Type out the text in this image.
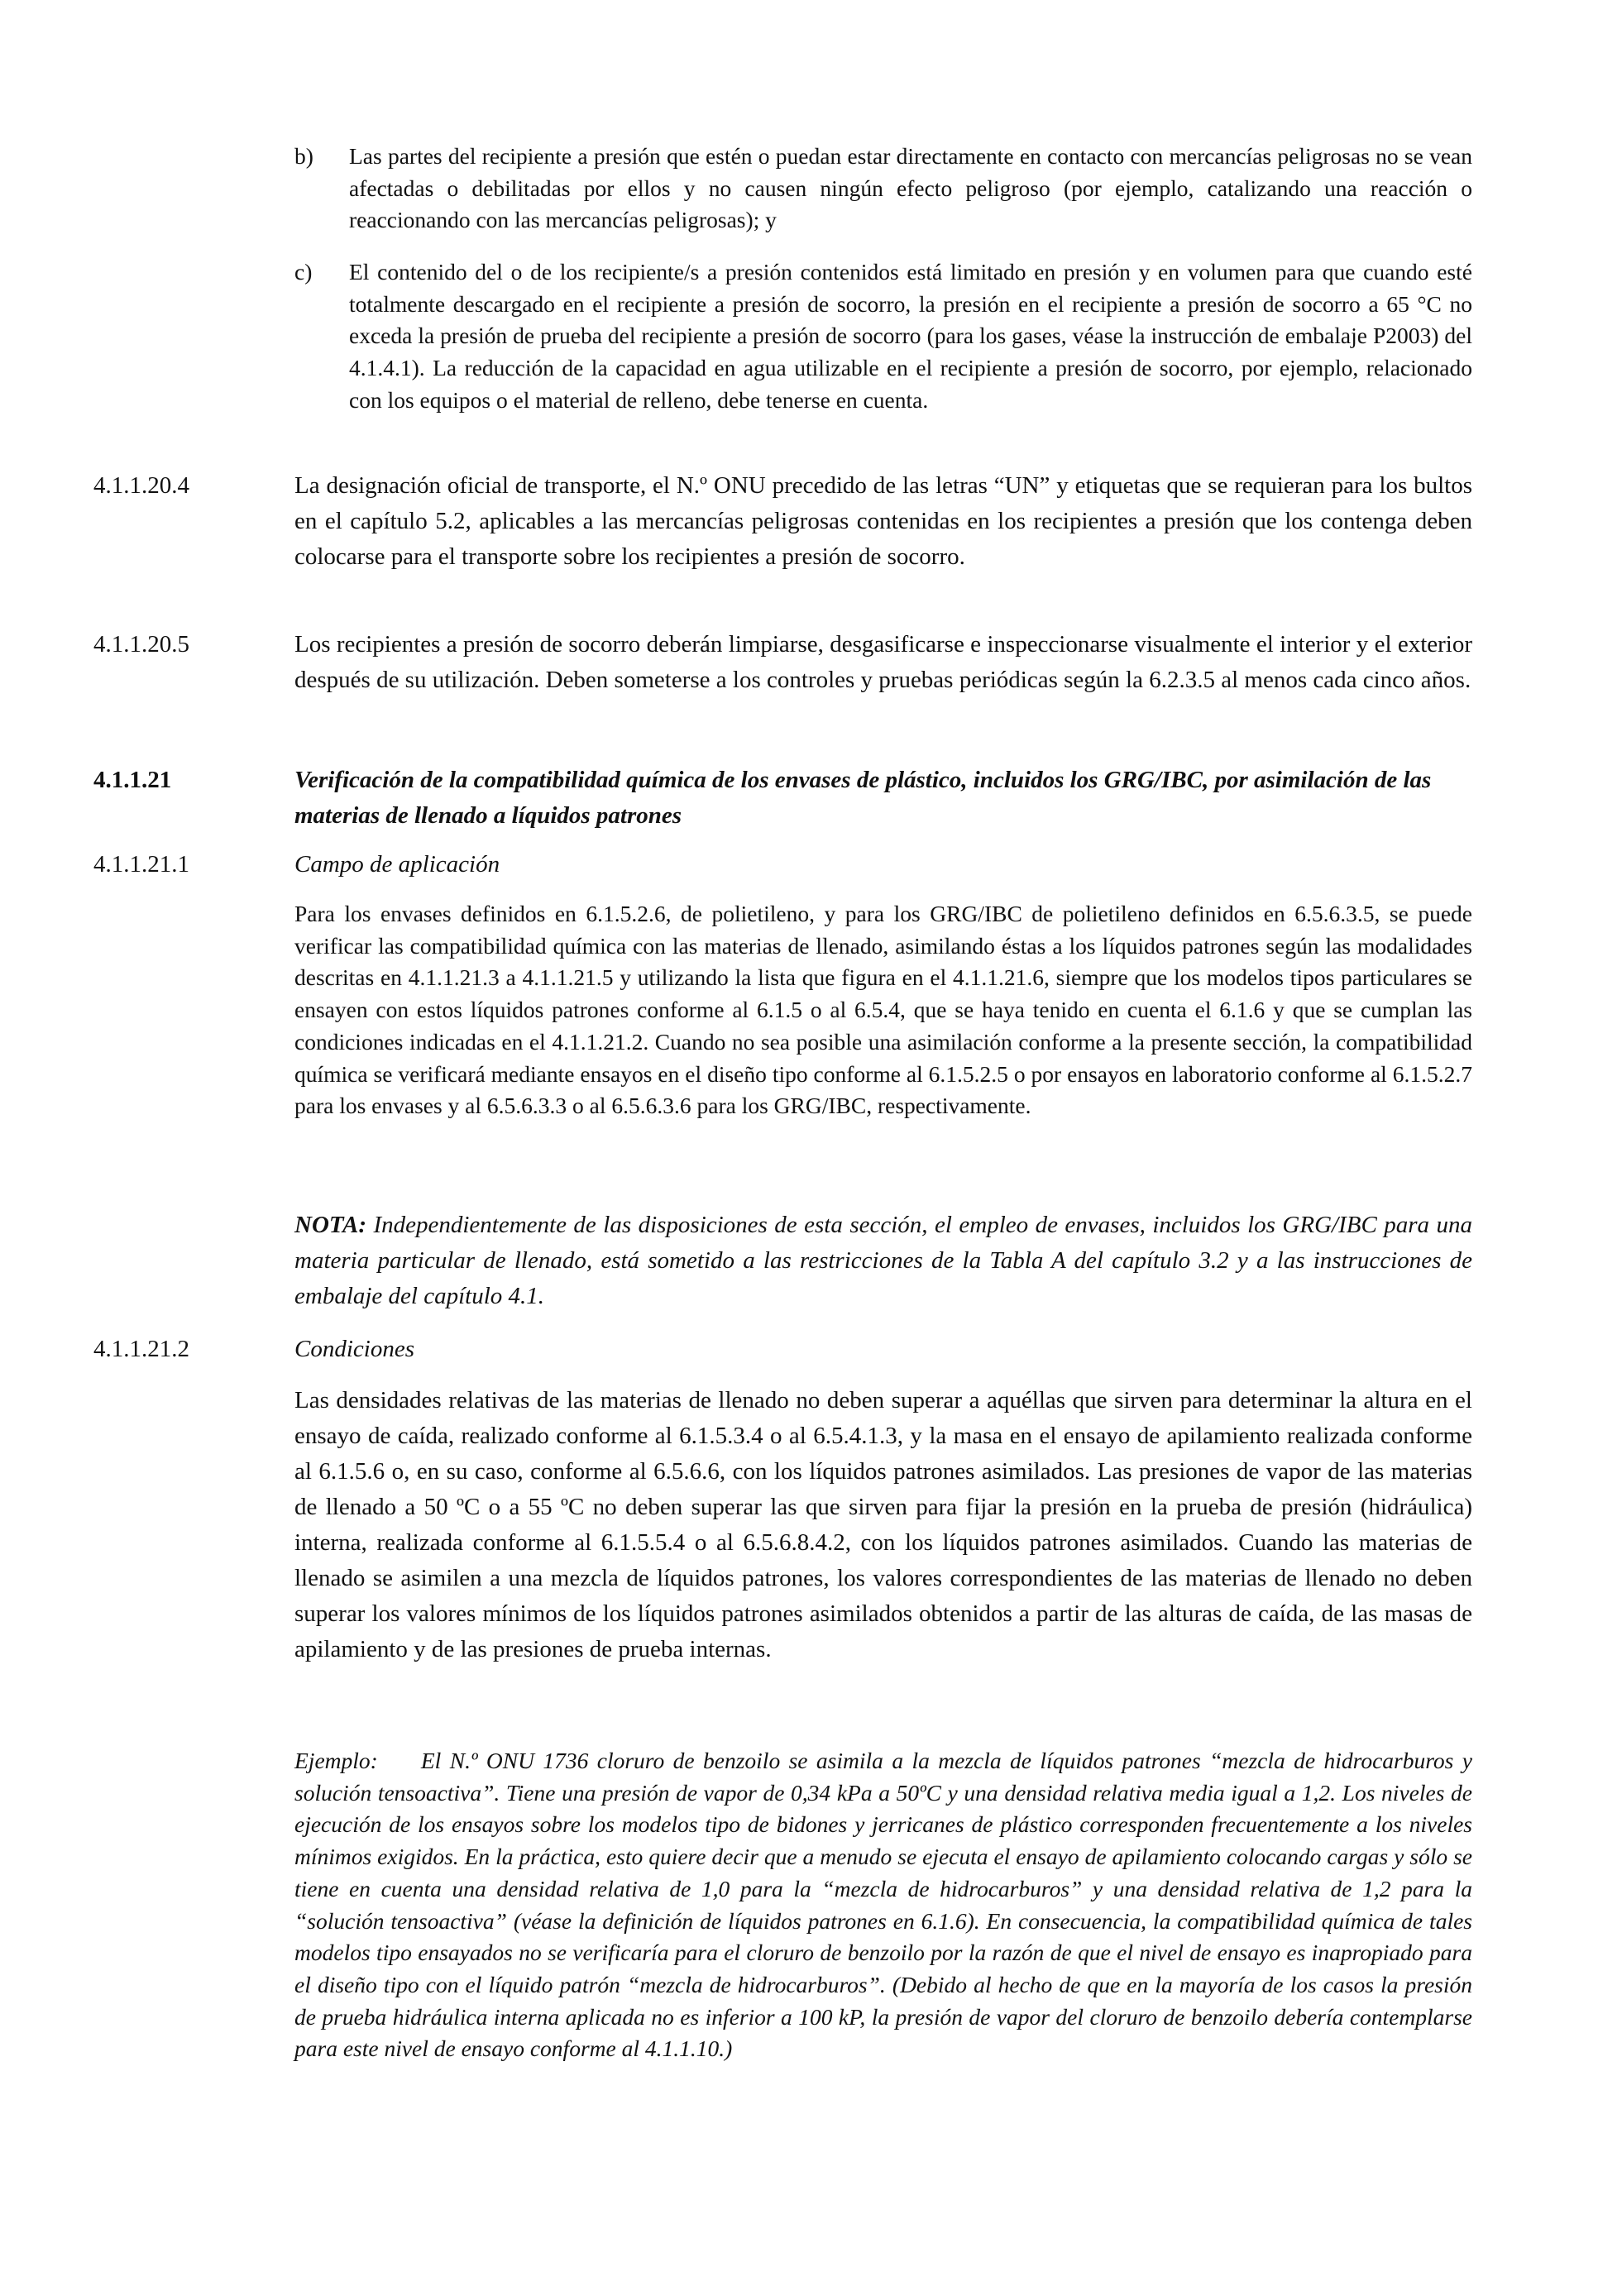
b) Las partes del recipiente a presión que estén o puedan estar directamente en contacto con mercancías peligrosas no se vean afectadas o debilitadas por ellos y no causen ningún efecto peligroso (por ejemplo, catalizando una reacción o reaccionando con las mercancías peligrosas); y

c) El contenido del o de los recipiente/s a presión contenidos está limitado en presión y en volumen para que cuando esté totalmente descargado en el recipiente a presión de socorro, la presión en el recipiente a presión de socorro a 65 °C no exceda la presión de prueba del recipiente a presión de socorro (para los gases, véase la instrucción de embalaje P2003) del 4.1.4.1). La reducción de la capacidad en agua utilizable en el recipiente a presión de socorro, por ejemplo, relacionado con los equipos o el material de relleno, debe tenerse en cuenta.

4.1.1.20.4	La designación oficial de transporte, el N.º ONU precedido de las letras “UN” y etiquetas que se requieran para los bultos en el capítulo 5.2, aplicables a las mercancías peligrosas contenidas en los recipientes a presión que los contenga deben colocarse para el transporte sobre los recipientes a presión de socorro.

4.1.1.20.5	Los recipientes a presión de socorro deberán limpiarse, desgasificarse e inspeccionarse visualmente el interior y el exterior después de su utilización. Deben someterse a los controles y pruebas periódicas según la 6.2.3.5 al menos cada cinco años.

4.1.1.21	Verificación de la compatibilidad química de los envases de plástico, incluidos los GRG/IBC, por asimilación de las materias de llenado a líquidos patrones

4.1.1.21.1	Campo de aplicación

Para los envases definidos en 6.1.5.2.6, de polietileno, y para los GRG/IBC de polietileno definidos en 6.5.6.3.5, se puede verificar las compatibilidad química con las materias de llenado, asimilando éstas a los líquidos patrones según las modalidades descritas en 4.1.1.21.3 a 4.1.1.21.5 y utilizando la lista que figura en el 4.1.1.21.6, siempre que los modelos tipos particulares se ensayen con estos líquidos patrones conforme al 6.1.5 o al 6.5.4, que se haya tenido en cuenta el 6.1.6 y que se cumplan las condiciones indicadas en el 4.1.1.21.2. Cuando no sea posible una asimilación conforme a la presente sección, la compatibilidad química se verificará mediante ensayos en el diseño tipo conforme al 6.1.5.2.5 o por ensayos en laboratorio conforme al 6.1.5.2.7 para los envases y al 6.5.6.3.3 o al 6.5.6.3.6 para los GRG/IBC, respectivamente.

NOTA: Independientemente de las disposiciones de esta sección, el empleo de envases, incluidos los GRG/IBC para una materia particular de llenado, está sometido a las restricciones de la Tabla A del capítulo 3.2 y a las instrucciones de embalaje del capítulo 4.1.

4.1.1.21.2	Condiciones

Las densidades relativas de las materias de llenado no deben superar a aquéllas que sirven para determinar la altura en el ensayo de caída, realizado conforme al 6.1.5.3.4 o al 6.5.4.1.3, y la masa en el ensayo de apilamiento realizada conforme al 6.1.5.6 o, en su caso, conforme al 6.5.6.6, con los líquidos patrones asimilados. Las presiones de vapor de las materias de llenado a 50 ºC o a 55 ºC no deben superar las que sirven para fijar la presión en la prueba de presión (hidráulica) interna, realizada conforme al 6.1.5.5.4 o al 6.5.6.8.4.2, con los líquidos patrones asimilados. Cuando las materias de llenado se asimilen a una mezcla de líquidos patrones, los valores correspondientes de las materias de llenado no deben superar los valores mínimos de los líquidos patrones asimilados obtenidos a partir de las alturas de caída, de las masas de apilamiento y de las presiones de prueba internas.

Ejemplo: El N.º ONU 1736 cloruro de benzoilo se asimila a la mezcla de líquidos patrones “mezcla de hidrocarburos y solución tensoactiva”. Tiene una presión de vapor de 0,34 kPa a 50ºC y una densidad relativa media igual a 1,2. Los niveles de ejecución de los ensayos sobre los modelos tipo de bidones y jerricanes de plástico corresponden frecuentemente a los niveles mínimos exigidos. En la práctica, esto quiere decir que a menudo se ejecuta el ensayo de apilamiento colocando cargas y sólo se tiene en cuenta una densidad relativa de 1,0 para la “mezcla de hidrocarburos” y una densidad relativa de 1,2 para la “solución tensoactiva” (véase la definición de líquidos patrones en 6.1.6). En consecuencia, la compatibilidad química de tales modelos tipo ensayados no se verificaría para el cloruro de benzoilo por la razón de que el nivel de ensayo es inapropiado para el diseño tipo con el líquido patrón “mezcla de hidrocarburos”. (Debido al hecho de que en la mayoría de los casos la presión de prueba hidráulica interna aplicada no es inferior a 100 kP, la presión de vapor del cloruro de benzoilo debería contemplarse para este nivel de ensayo conforme al 4.1.1.10.)
